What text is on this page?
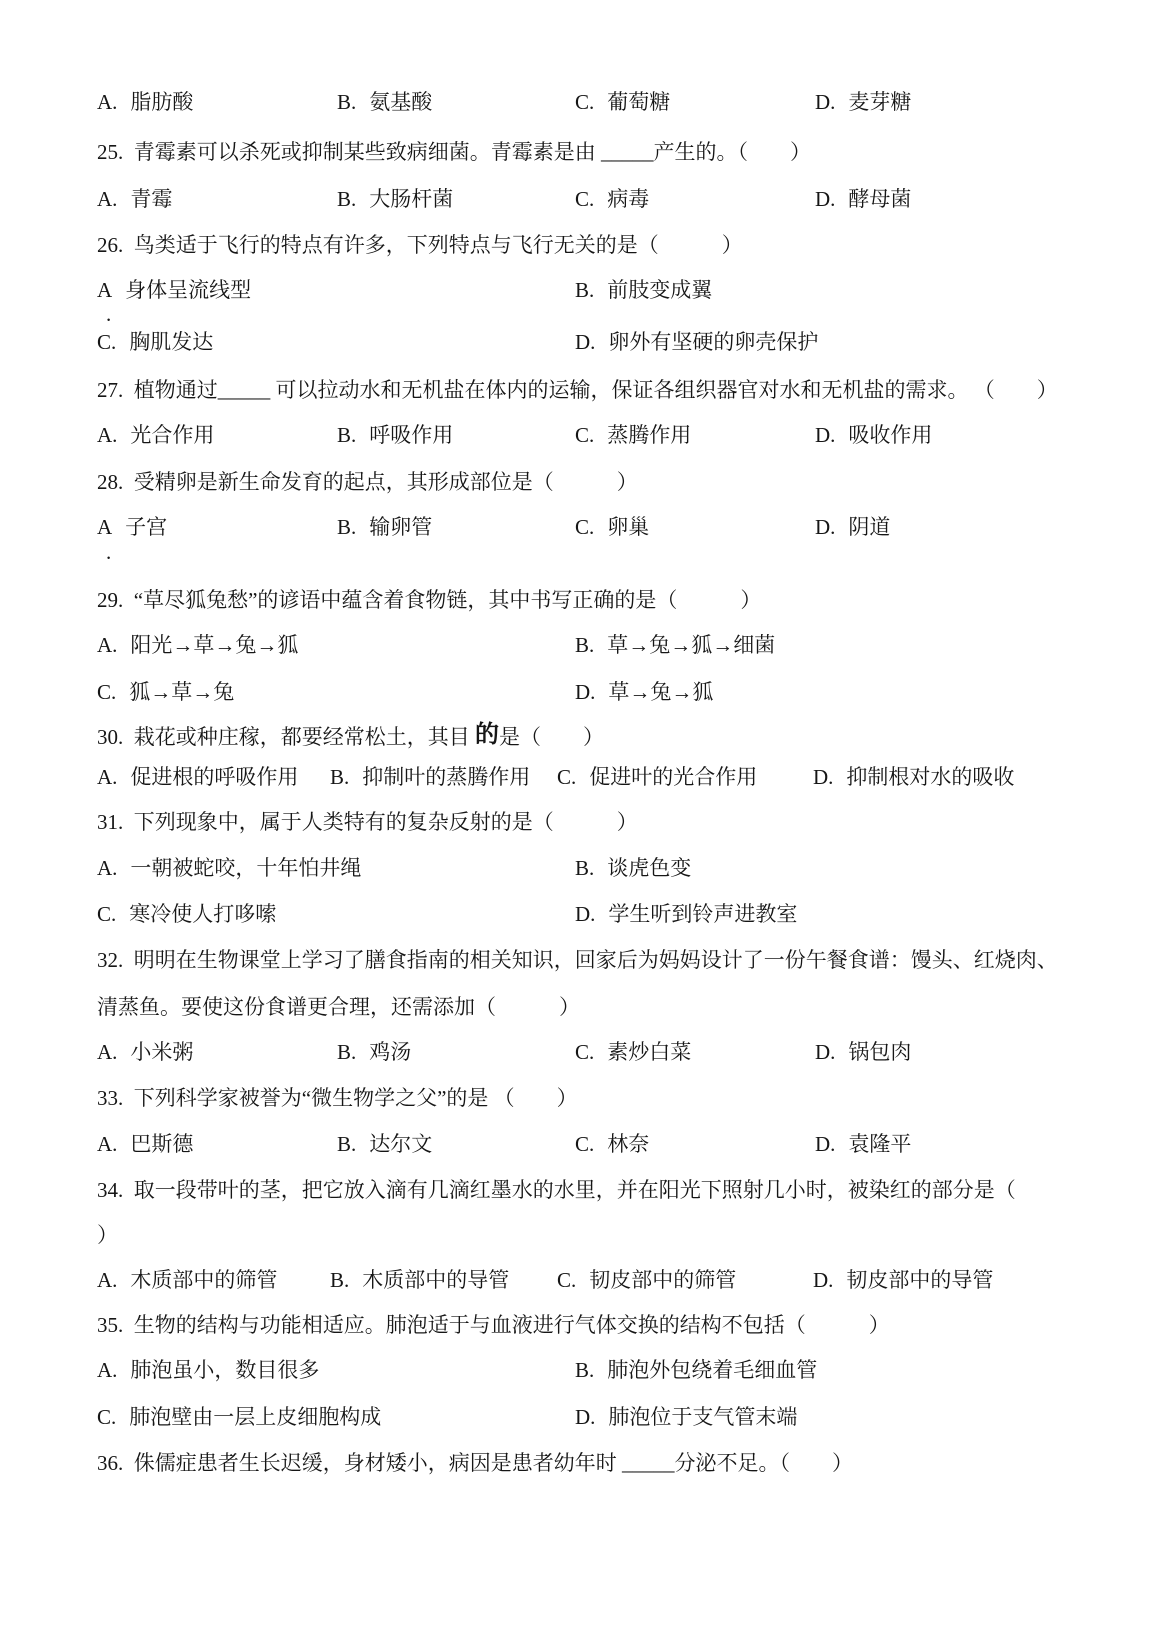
A. 脂肪酸	B. 氨基酸	C. 葡萄糖	D. 麦芽糖
25.  青霉素可以杀死或抑制某些致病细菌。青霉素是由 _____产生的。（　　）
A. 青霉	B. 大肠杆菌	C. 病毒	D. 酵母菌
26.  鸟类适于飞行的特点有许多，下列特点与飞行无关的是（　　　）
A 身体呈流线型	B. 前肢变成翼
.
C. 胸肌发达	D. 卵外有坚硬的卵壳保护
27.  植物通过_____ 可以拉动水和无机盐在体内的运输，保证各组织器官对水和无机盐的需求。 （　　）
A. 光合作用	B. 呼吸作用	C. 蒸腾作用	D. 吸收作用
28.  受精卵是新生命发育的起点，其形成部位是（　　　）
A 子宫	B. 输卵管	C. 卵巢	D. 阴道
.
29.  “草尽狐兔愁”的谚语中蕴含着食物链，其中书写正确的是（　　　）
A. 阳光→草→兔→狐	B. 草→兔→狐→细菌
C. 狐→草→兔	D. 草→兔→狐
30.  栽花或种庄稼，都要经常松土，其目 的是（　　）
A. 促进根的呼吸作用 B. 抑制叶的蒸腾作用 C. 促进叶的光合作用	D. 抑制根对水的吸收
31.  下列现象中，属于人类特有的复杂反射的是（　　　）
A. 一朝被蛇咬，十年怕井绳	B. 谈虎色变
C. 寒冷使人打哆嗦	D. 学生听到铃声进教室
32.  明明在生物课堂上学习了膳食指南的相关知识，回家后为妈妈设计了一份午餐食谱：馒头、红烧肉、
清蒸鱼。要使这份食谱更合理，还需添加（　　　）
A. 小米粥	B. 鸡汤	C. 素炒白菜	D. 锅包肉
33.  下列科学家被誉为“微生物学之父”的是 （　　）
A. 巴斯德	B. 达尔文	C. 林奈	D. 袁隆平
34.  取一段带叶的茎，把它放入滴有几滴红墨水的水里，并在阳光下照射几小时，被染红的部分是（
）
A. 木质部中的筛管	B. 木质部中的导管 C. 韧皮部中的筛管	D. 韧皮部中的导管
35.  生物的结构与功能相适应。肺泡适于与血液进行气体交换的结构不包括（　　　）
A. 肺泡虽小，数目很多	B. 肺泡外包绕着毛细血管
C. 肺泡壁由一层上皮细胞构成	D. 肺泡位于支气管末端
36.  侏儒症患者生长迟缓，身材矮小，病因是患者幼年时 _____分泌不足。（　　）
